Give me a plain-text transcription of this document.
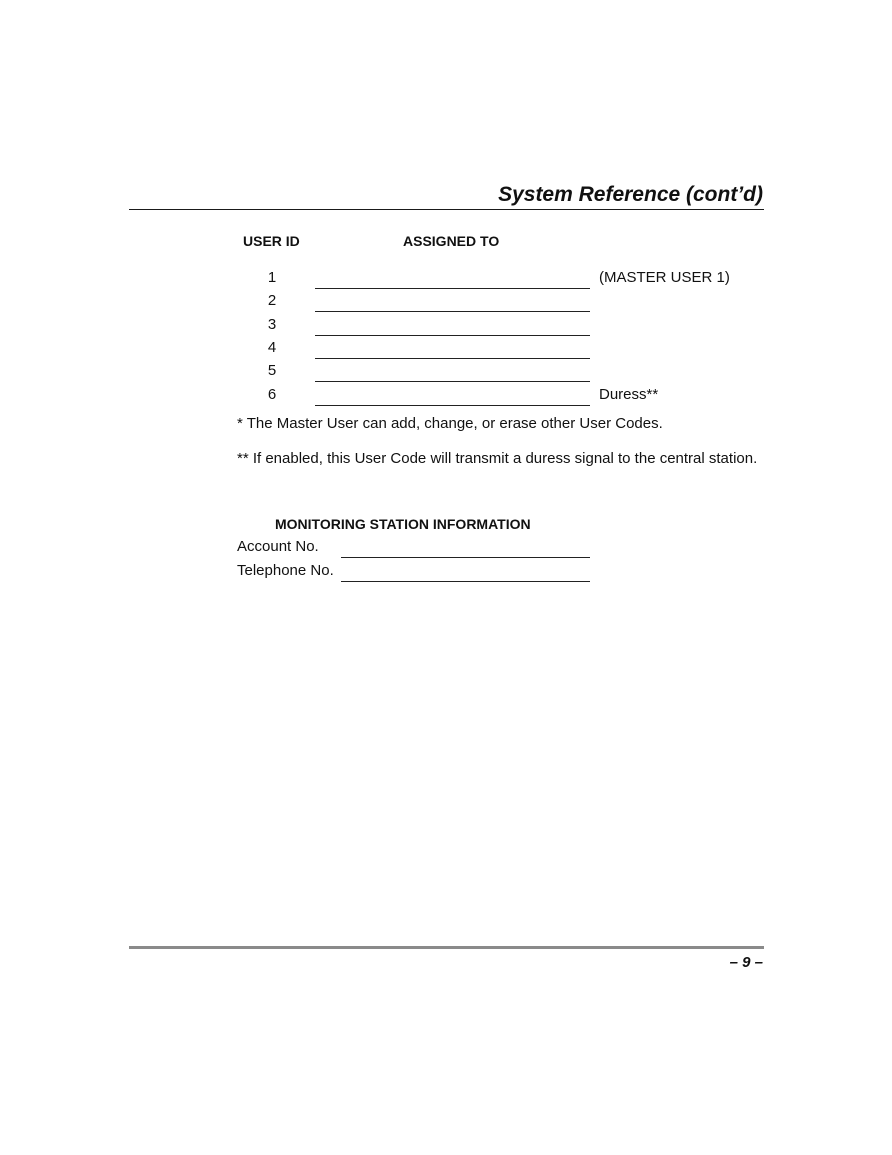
System Reference (cont’d)
USER ID	ASSIGNED TO
1	(MASTER USER 1)
2
3
4
5
6	Duress**
* The Master User can add, change, or erase other User Codes.
** If enabled, this User Code will transmit a duress signal to the central station.
MONITORING STATION INFORMATION
Account No.
Telephone No.
– 9 –
